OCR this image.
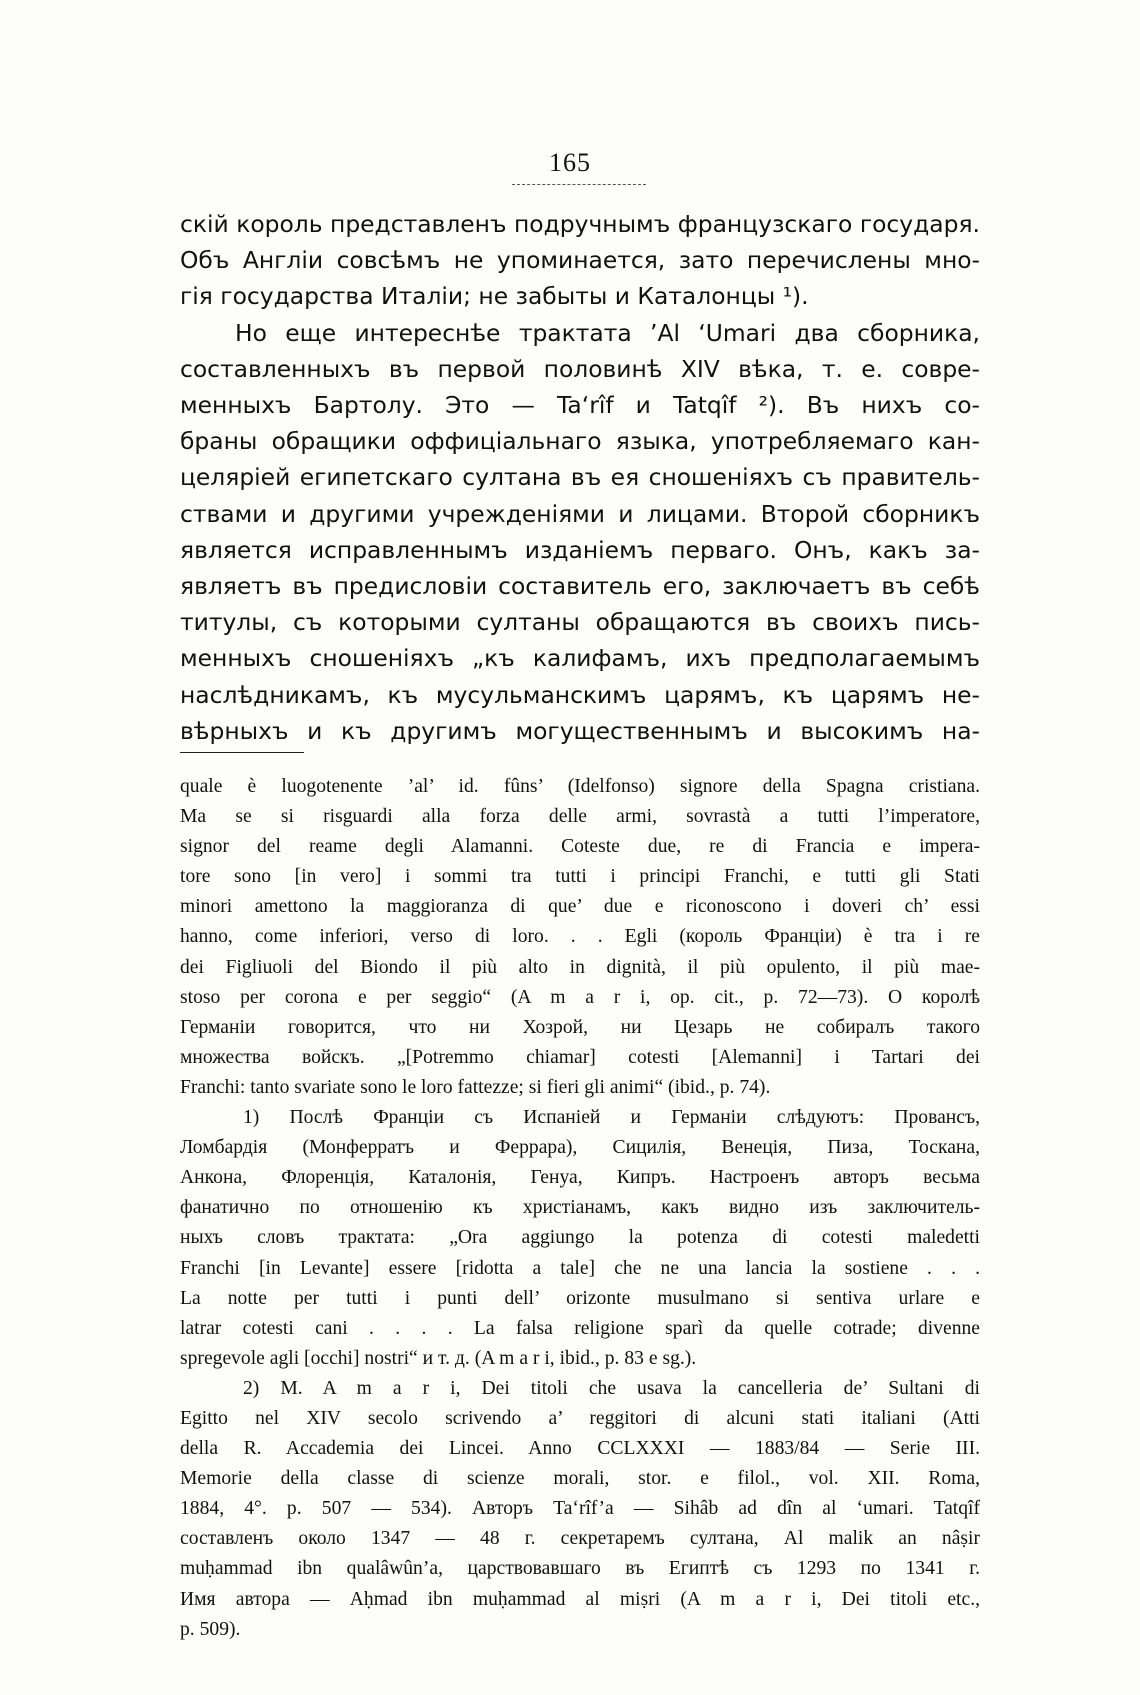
165
скій король представленъ подручнымъ французскаго государя.
Объ Англіи совсѣмъ не упоминается, зато перечислены мно-
гія государства Италіи; не забыты и Каталонцы ¹).
Но еще интереснѣе трактата ’Al ‘Umari два сборника,
составленныхъ въ первой половинѣ XIV вѣка, т. е. совре-
менныхъ Бартолу. Это — Ta‘rîf и Tatqîf ²). Въ нихъ со-
браны обращики оффиціальнаго языка, употребляемаго кан-
целяріей египетскаго султана въ ея сношеніяхъ съ правитель-
ствами и другими учрежденіями и лицами. Второй сборникъ
является исправленнымъ изданіемъ перваго. Онъ, какъ за-
являетъ въ предисловіи составитель его, заключаетъ въ себѣ
титулы, съ которыми султаны обращаются въ своихъ пись-
менныхъ сношеніяхъ „къ калифамъ, ихъ предполагаемымъ
наслѣдникамъ, къ мусульманскимъ царямъ, къ царямъ не-
вѣрныхъ и къ другимъ могущественнымъ и высокимъ на-
quale è luogotenente ’al’ id. fûns’ (Idelfonso) signore della Spagna cristiana.
Ma se si risguardi alla forza delle armi, sovrastà a tutti l’imperatore,
signor del reame degli Alamanni. Coteste due, re di Francia e impera-
tore sono [in vero] i sommi tra tutti i principi Franchi, e tutti gli Stati
minori amettono la maggioranza di que’ due e riconoscono i doveri ch’ essi
hanno, come inferiori, verso di loro. . . Egli (король Франціи) è tra i re
dei Figliuoli del Biondo il più alto in dignità, il più opulento, il più mae-
stoso per corona e per seggio“ (A m a r i, op. cit., p. 72—73). О королѣ
Германіи говорится, что ни Хозрой, ни Цезарь не собиралъ такого
множества войскъ. „[Potremmo chiamar] cotesti [Alemanni] i Tartari dei
Franchi: tanto svariate sono le loro fattezze; si fieri gli animi“ (ibid., p. 74).
1) Послѣ Франціи съ Испаніей и Германіи слѣдуютъ: Провансъ,
Ломбардія (Монферратъ и Феррара), Сицилія, Венеція, Пиза, Тоскана,
Анкона, Флоренція, Каталонія, Генуа, Кипръ. Настроенъ авторъ весьма
фанатично по отношенію къ христіанамъ, какъ видно изъ заключитель-
ныхъ словъ трактата: „Ora aggiungo la potenza di cotesti maledetti
Franchi [in Levante] essere [ridotta a tale] che ne una lancia la sostiene . . .
La notte per tutti i punti dell’ orizonte musulmano si sentiva urlare e
latrar cotesti cani . . . . La falsa religione sparì da quelle cotrade; divenne
spregevole agli [occhi] nostri“ и т. д. (A m a r i, ibid., p. 83 e sg.).
2) M. A m a r i, Dei titoli che usava la cancelleria de’ Sultani di
Egitto nel XIV secolo scrivendo a’ reggitori di alcuni stati italiani (Atti
della R. Accademia dei Lincei. Anno CCLXXXI — 1883/84 — Serie III.
Memorie della classe di scienze morali, stor. e filol., vol. XII. Roma,
1884, 4°. p. 507 — 534). Авторъ Ta‘rîf’a — Sihâb ad dîn al ‘umari. Tatqîf
составленъ около 1347 — 48 г. секретаремъ султана, Al malik an nâṣir
muḥammad ibn qualâwûn’a, царствовавшаго въ Египтѣ съ 1293 по 1341 г.
Имя автора — Aḥmad ibn muḥammad al miṣri (A m a r i, Dei titoli etc.,
p. 509).
